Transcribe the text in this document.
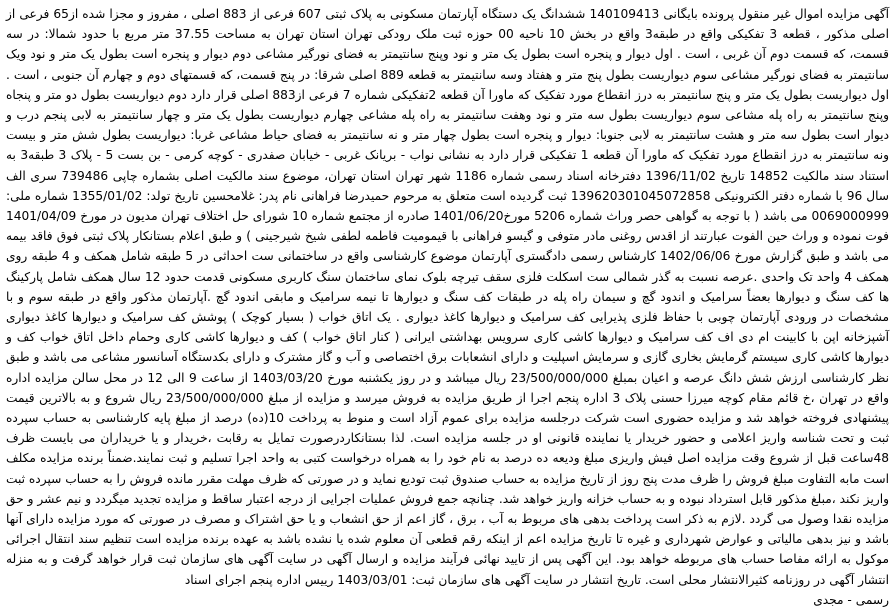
آگهی مزایده اموال غیر منقول پرونده بایگانی 140109413 ششدانگ یک دستگاه آپارتمان مسکونی به پلاک ثبتی 607 فرعی از 883 اصلی ، مفروز و مجزا شده از65 فرعی از اصلی مذکور ، قطعه 3 تفکیکی واقع در طبقه3 واقع در بخش 10 ناحیه 00 حوزه ثبت ملک رودکی تهران استان تهران به مساحت 37.55 متر مربع با حدود شمالا: در سه قسمت، که قسمت دوم آن غربی ، است . اول دیوار و پنجره است بطول یک متر و نود وپنج سانتیمتر به فضای نورگیر مشاعی دوم دیوار و پنجره است بطول یک متر و نود ویک سانتیمتر به فضای نورگیر مشاعی سوم دیواریست بطول پنج متر و هفتاد وسه سانتیمتر به قطعه 889 اصلی شرقا: در پنج قسمت، که قسمتهای دوم و چهارم آن جنوبی ، است . اول دیواریست بطول یک متر و پنج سانتیمتر به درز انقطاع مورد تفکیک که ماورا آن قطعه 2تفکیکی شماره 7 فرعی از883 اصلی قرار دارد دوم دیواریست بطول دو متر و پنجاه وپنج سانتیمتر به راه پله مشاعی سوم دیواریست بطول سه متر و نود وهفت سانتیمتر به راه پله مشاعی چهارم دیواریست بطول یک متر و چهار سانتیمتر به لابی پنجم درب و دیوار است بطول سه متر و هشت سانتیمتر به لابی جنوبا: دیوار و پنجره است بطول چهار متر و نه سانتیمتر به فضای حیاط مشاعی غربا: دیواریست بطول شش متر و بیست ونه سانتیمتر به درز انقطاع مورد تفکیک که ماورا آن قطعه 1 تفکیکی قرار دارد به نشانی نواب - بریانک غربی - خیابان صفدری - کوچه کرمی - بن بست 5 - پلاک 3 طبقه3 به استناد سند مالکیت 14852 تاریخ 1396/11/02 دفترخانه اسناد رسمی شماره 1186 شهر تهران استان تهران، موضوع سند مالکیت اصلی بشماره چاپی 739486 سری الف سال 96 با شماره دفتر الکترونیکی 139620301045072858 ثبت گردیده است متعلق به مرحوم حمیدرضا فراهانی نام پدر: غلامحسین تاریخ تولد: 1355/01/02 شماره ملی: 0069000999 می باشد ( با توجه به گواهی حصر وراث شماره 5206 مورخ1401/06/20 صادره از مجتمع شماره 10 شورای حل اختلاف تهران مدیون در مورخ 1401/04/09 فوت نموده و وراث حین الفوت عبارتند از اقدس روغنی مادر متوفی و گیسو فراهانی با قیمومیت فاطمه لطفی شیخ شیرجینی ) و طبق اعلام بستانکار پلاک ثبتی فوق فاقد بیمه می باشد و طبق گزارش مورخ 1402/06/06 کارشناس رسمی دادگستری آپارتمان موضوع کارشناسی واقع در ساختمانی ست احداثی در 5 طبقه شامل همکف و 4 طبقه روی همکف 4 واحد تک واحدی .عرصه نسبت به گذر شمالی ست اسکلت فلزی سقف تیرچه بلوک نمای ساختمان سنگ کاربری مسکونی قدمت حدود 12 سال همکف شامل پارکینگ ها کف سنگ و دیوارها بعضاً سرامیک و اندود گچ و سیمان راه پله در طبقات کف سنگ و دیوارها تا نیمه سرامیک و مابقی اندود گچ .آپارتمان مذکور واقع در طبقه سوم و با مشخصات در ورودی آپارتمان چوبی با حفاظ فلزی پذیرایی کف سرامیک و دیوارها کاغذ دیواری . یک اتاق خواب ( بسیار کوچک ) پوشش کف سرامیک و دیوارها کاغذ دیواری آشپزخانه اپن با کابینت ام دی اف کف سرامیک و دیوارها کاشی کاری سرویس بهداشتی ایرانی ( کنار اتاق خواب ) کف و دیوارها کاشی کاری وحمام داخل اتاق خواب کف و دیوارها کاشی کاری سیستم گرمایش بخاری گازی و سرمایش اسپلیت و دارای انشعابات برق اختصاصی و آب و گاز مشترک و دارای بکدستگاه آسانسور مشاعی می باشد و طبق نظر کارشناسی ارزش شش دانگ عرصه و اعیان بمبلغ 23/500/000/000 ریال میباشد و در روز یکشنبه مورخ 1403/03/20 از ساعت 9 الی 12 در محل سالن مزایده اداره واقع در تهران ،خ قائم مقام کوچه میرزا حسنی پلاک 3 اداره پنجم اجرا از طریق مزایده به فروش میرسد و مزایده از مبلغ 23/500/000/000 ریال شروع و به بالاترین قیمت پیشنهادی فروخته خواهد شد و مزایده حضوری است شرکت درجلسه مزایده برای عموم آزاد است و منوط به پرداخت 10(ده) درصد از مبلغ پایه کارشناسی به حساب سپرده ثبت و تحت شناسه واریز اعلامی و حضور خریدار یا نماینده قانونی او در جلسه مزایده است. لذا بستانکاردرصورت تمایل به رقابت ،خریدار و یا خریداران می بایست ظرف 48ساعت قبل از شروع وقت مزایده اصل فیش واریزی مبلغ ودیعه ده درصد به نام خود را به همراه درخواست کتبی به واحد اجرا تسلیم و ثبت نمایند.ضمناً برنده مزایده مکلف است مابه التفاوت مبلغ فروش را ظرف مدت پنج روز از تاریخ مزایده به حساب صندوق ثبت تودیع نماید و در صورتی که ظرف مهلت مقرر مانده فروش را به حساب سپرده ثبت واریز نکند ،مبلغ مذکور قابل استرداد نبوده و به حساب خزانه واریز خواهد شد. چنانچه جمع فروش عملیات اجرایی از درجه اعتبار ساقط و مزایده تجدید میگردد و نیم عشر و حق مزایده نقدا وصول می گردد .لازم به ذکر است پرداخت بدهی های مربوط به آب ، برق ، گاز اعم از حق انشعاب و یا حق اشتراک و مصرف در صورتی که مورد مزایده دارای آنها باشد و نیز بدهی مالیاتی و عوارض شهرداری و غیره تا تاریخ مزایده اعم از اینکه رقم قطعی آن معلوم شده یا نشده باشد به عهده برنده مزایده است تنظیم سند انتقال اجرائی موکول به ارائه مفاصا حساب های مربوطه خواهد بود. این آگهی پس از تایید نهائی فرآیند مزایده و ارسال آگهی در سایت آگهی های سازمان ثبت قرار خواهد گرفت و به منزله انتشار آگهی در روزنامه کثیرالانتشار محلی است. تاریخ انتشار در سایت آگهی های سازمان ثبت: 1403/03/01 رییس اداره پنجم اجرای اسناد

رسمی - مجدی
